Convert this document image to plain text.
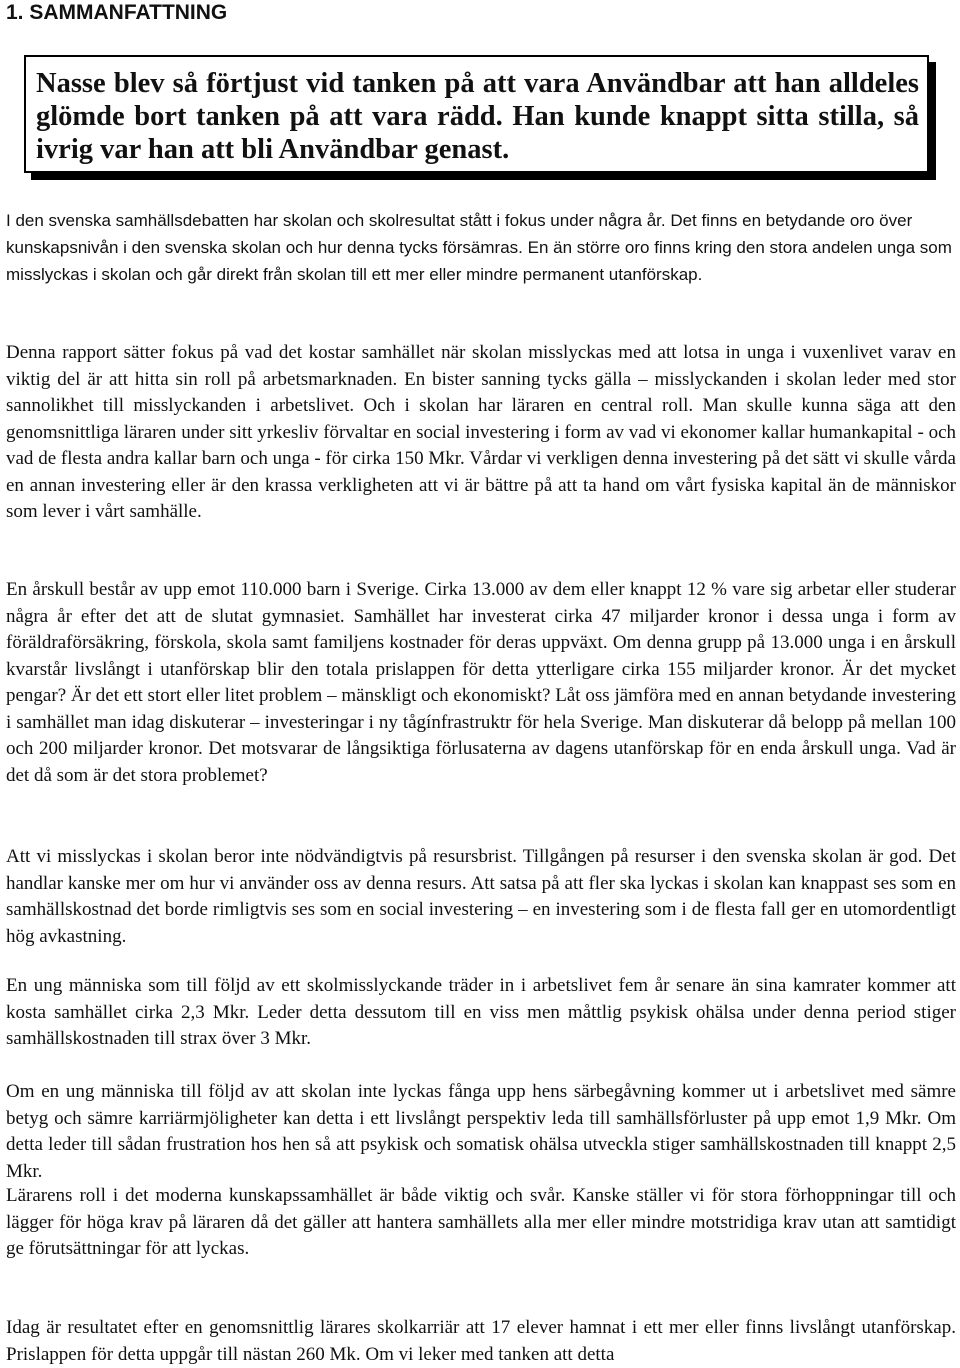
1. SAMMANFATTNING
Nasse blev så förtjust vid tanken på att vara Användbar att han alldeles glömde bort tanken på att vara rädd. Han kunde knappt sitta stilla, så ivrig var han att bli Användbar genast.

I den svenska samhällsdebatten har skolan och skolresultat stått i fokus under några år. Det finns en betydande oro över kunskapsnivån i den svenska skolan och hur denna tycks försämras. En än större oro finns kring den stora andelen unga som misslyckas i skolan och går direkt från skolan till ett mer eller mindre permanent utanförskap.

Denna rapport sätter fokus på vad det kostar samhället när skolan misslyckas med att lotsa in unga i vuxenlivet varav en viktig del är att hitta sin roll på arbetsmarknaden. En bister sanning tycks gälla – misslyckanden i skolan leder med stor sannolikhet till misslyckanden i arbetslivet. Och i skolan har läraren en central roll. Man skulle kunna säga att den genomsnittliga läraren under sitt yrkesliv förvaltar en social investering i form av vad vi ekonomer kallar humankapital - och vad de flesta andra kallar barn och unga - för cirka 150 Mkr. Vårdar vi verkligen denna investering på det sätt vi skulle vårda en annan investering eller är den krassa verkligheten att vi är bättre på att ta hand om vårt fysiska kapital än de människor som lever i vårt samhälle.

En årskull består av upp emot 110.000 barn i Sverige. Cirka 13.000 av dem eller knappt 12 % vare sig arbetar eller studerar några år efter det att de slutat gymnasiet. Samhället har investerat cirka 47 miljarder kronor i dessa unga i form av föräldraförsäkring, förskola, skola samt familjens kostnader för deras uppväxt. Om denna grupp på 13.000 unga i en årskull kvarstår livslångt i utanförskap blir den totala prislappen för detta ytterligare cirka 155 miljarder kronor. Är det mycket pengar? Är det ett stort eller litet problem – mänskligt och ekonomiskt? Låt oss jämföra med en annan betydande investering i samhället man idag diskuterar – investeringar i ny tågínfrastruktr för hela Sverige. Man diskuterar då belopp på mellan 100 och 200 miljarder kronor. Det motsvarar de långsiktiga förlusaterna av dagens utanförskap för en enda årskull unga. Vad är det då som är det stora problemet?

Att vi misslyckas i skolan beror inte nödvändigtvis på resursbrist. Tillgången på resurser i den svenska skolan är god. Det handlar kanske mer om hur vi använder oss av denna resurs. Att satsa på att fler ska lyckas i skolan kan knappast ses som en samhällskostnad det borde rimligtvis ses som en social investering – en investering som i de flesta fall ger en utomordentligt hög avkastning.

En ung människa som till följd av ett skolmisslyckande träder in i arbetslivet fem år senare än sina kamrater kommer att kosta samhället cirka 2,3 Mkr. Leder detta dessutom till en viss men måttlig psykisk ohälsa under denna period stiger samhällskostnaden till strax över 3 Mkr.

Om en ung människa till följd av att skolan inte lyckas fånga upp hens särbegåvning kommer ut i arbetslivet med sämre betyg och sämre karriärmjöligheter kan detta i ett livslångt perspektiv leda till samhällsförluster på upp emot 1,9 Mkr. Om detta leder till sådan frustration hos hen så att psykisk och somatisk ohälsa utveckla stiger samhällskostnaden till knappt 2,5 Mkr.

Lärarens roll i det moderna kunskapssamhället är både viktig och svår. Kanske ställer vi för stora förhoppningar till och lägger för höga krav på läraren då det gäller att hantera samhällets alla mer eller mindre motstridiga krav utan att samtidigt ge förutsättningar för att lyckas.

Idag är resultatet efter en genomsnittlig lärares skolkarriär att 17 elever hamnat i ett mer eller finns livslångt utanförskap. Prislappen för detta uppgår till nästan 260 Mk. Om vi leker med tanken att detta
